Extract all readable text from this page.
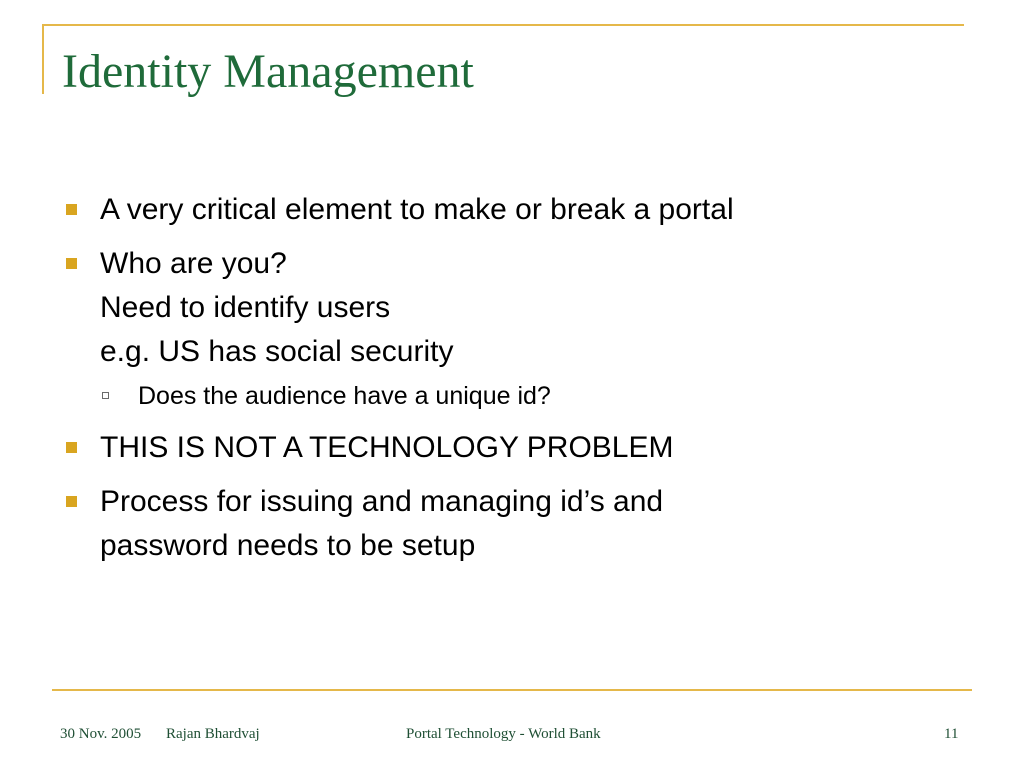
Identity Management
A very critical element to make or break a portal
Who are you?
Need to identify users
e.g. US has social security
Does the audience have a unique id?
THIS IS NOT A TECHNOLOGY PROBLEM
Process for issuing and managing id’s and
password needs to be setup
30 Nov. 2005 Rajan Bhardvaj	Portal Technology - World Bank	11
